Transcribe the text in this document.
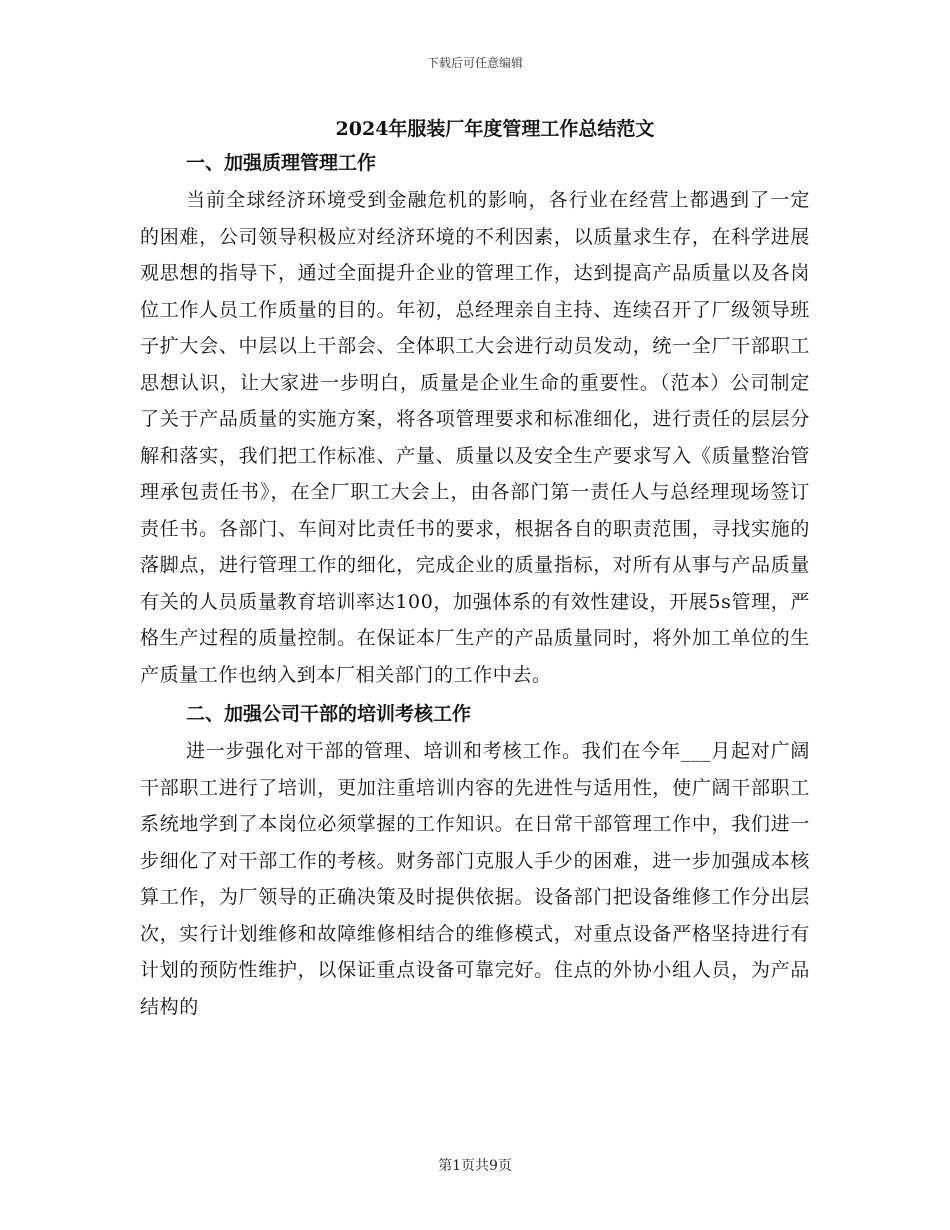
下载后可任意编辑
2024年服装厂年度管理工作总结范文
一、加强质理管理工作

当前全球经济环境受到金融危机的影响，各行业在经营上都遇到了一定的困难，公司领导积极应对经济环境的不利因素，以质量求生存，在科学进展观思想的指导下，通过全面提升企业的管理工作，达到提高产品质量以及各岗位工作人员工作质量的目的。年初，总经理亲自主持、连续召开了厂级领导班子扩大会、中层以上干部会、全体职工大会进行动员发动，统一全厂干部职工思想认识，让大家进一步明白，质量是企业生命的重要性。（范本）公司制定了关于产品质量的实施方案，将各项管理要求和标准细化，进行责任的层层分解和落实，我们把工作标准、产量、质量以及安全生产要求写入《质量整治管理承包责任书》，在全厂职工大会上，由各部门第一责任人与总经理现场签订责任书。各部门、车间对比责任书的要求，根据各自的职责范围，寻找实施的落脚点，进行管理工作的细化，完成企业的质量指标，对所有从事与产品质量有关的人员质量教育培训率达100，加强体系的有效性建设，开展5s管理，严格生产过程的质量控制。在保证本厂生产的产品质量同时，将外加工单位的生产质量工作也纳入到本厂相关部门的工作中去。

二、加强公司干部的培训考核工作

进一步强化对干部的管理、培训和考核工作。我们在今年___月起对广阔干部职工进行了培训，更加注重培训内容的先进性与适用性，使广阔干部职工系统地学到了本岗位必须掌握的工作知识。在日常干部管理工作中，我们进一步细化了对干部工作的考核。财务部门克服人手少的困难，进一步加强成本核算工作，为厂领导的正确决策及时提供依据。设备部门把设备维修工作分出层次，实行计划维修和故障维修相结合的维修模式，对重点设备严格坚持进行有计划的预防性维护，以保证重点设备可靠完好。住点的外协小组人员，为产品结构的

第1页共9页
